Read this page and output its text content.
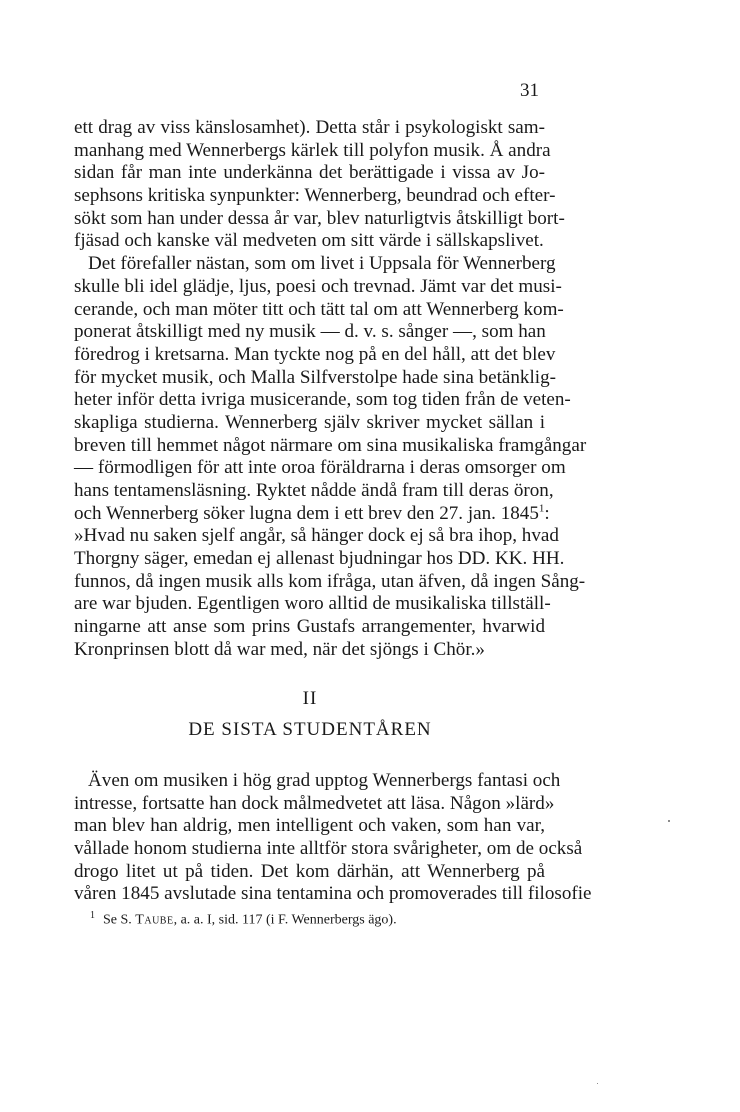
31
ett drag av viss känslosamhet). Detta står i psykologiskt sam-
manhang med Wennerbergs kärlek till polyfon musik. Å andra
sidan får man inte underkänna det berättigade i vissa av Jo-
sephsons kritiska synpunkter: Wennerberg, beundrad och efter-
sökt som han under dessa år var, blev naturligtvis åtskilligt bort-
fjäsad och kanske väl medveten om sitt värde i sällskapslivet.
Det förefaller nästan, som om livet i Uppsala för Wennerberg
skulle bli idel glädje, ljus, poesi och trevnad. Jämt var det musi-
cerande, och man möter titt och tätt tal om att Wennerberg kom-
ponerat åtskilligt med ny musik — d. v. s. sånger —, som han
föredrog i kretsarna. Man tyckte nog på en del håll, att det blev
för mycket musik, och Malla Silfverstolpe hade sina betänklig-
heter inför detta ivriga musicerande, som tog tiden från de veten-
skapliga studierna. Wennerberg själv skriver mycket sällan i
breven till hemmet något närmare om sina musikaliska framgångar
— förmodligen för att inte oroa föräldrarna i deras omsorger om
hans tentamensläsning. Ryktet nådde ändå fram till deras öron,
och Wennerberg söker lugna dem i ett brev den 27. jan. 1845$^1$:
»Hvad nu saken sjelf angår, så hänger dock ej så bra ihop, hvad
Thorgny säger, emedan ej allenast bjudningar hos DD. KK. HH.
funnos, då ingen musik alls kom ifråga, utan äfven, då ingen Sång-
are war bjuden. Egentligen woro alltid de musikaliska tillställ-
ningarne att anse som prins Gustafs arrangementer, hvarwid
Kronprinsen blott då war med, när det sjöngs i Chör.»
II
DE SISTA STUDENTÅREN
Även om musiken i hög grad upptog Wennerbergs fantasi och
intresse, fortsatte han dock målmedvetet att läsa. Någon »lärd»
man blev han aldrig, men intelligent och vaken, som han var,
vållade honom studierna inte alltför stora svårigheter, om de också
drogo litet ut på tiden. Det kom därhän, att Wennerberg på
våren 1845 avslutade sina tentamina och promoverades till filosofie
$^1$ Se S. Taube, a. a. I, sid. 117 (i F. Wennerbergs ägo).
